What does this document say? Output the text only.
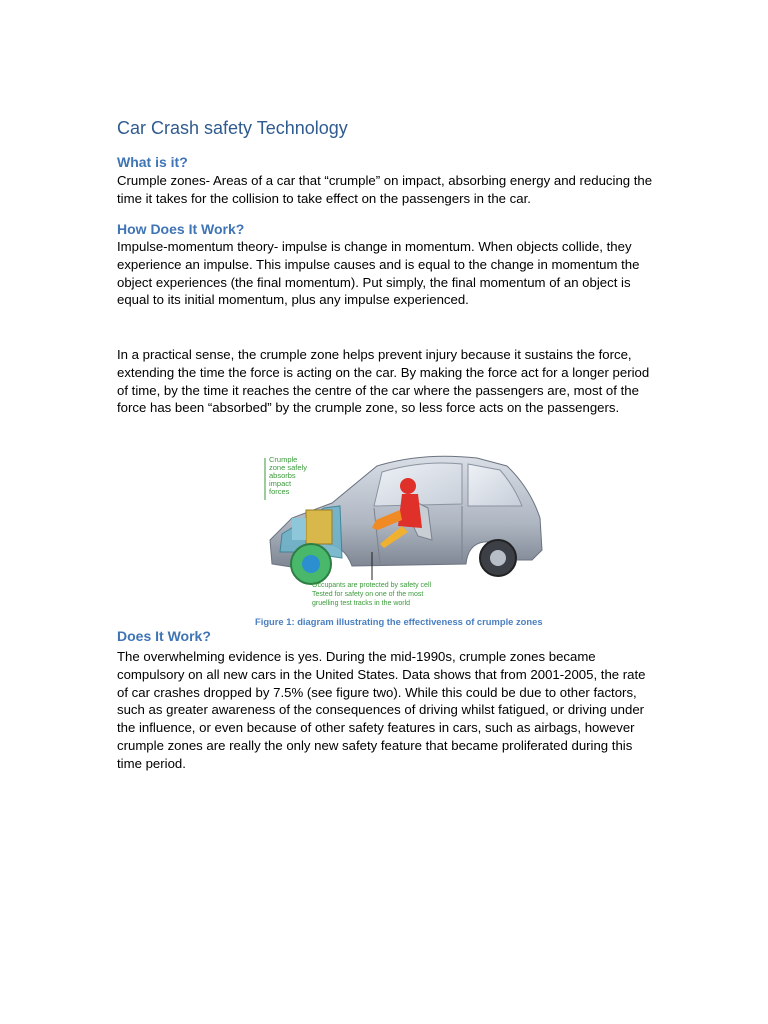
Car Crash safety Technology
What is it?

Crumple zones- Areas of a car that “crumple” on impact, absorbing energy and reducing the time it takes for the collision to take effect on the passengers in the car.

How Does It Work?

Impulse-momentum theory- impulse is change in momentum. When objects collide, they experience an impulse. This impulse causes and is equal to the change in momentum the object experiences (the final momentum). Put simply, the final momentum of an object is equal to its initial momentum, plus any impulse experienced.

In a practical sense, the crumple zone helps prevent injury because it sustains the force, extending the time the force is acting on the car. By making the force act for a longer period of time, by the time it reaches the centre of the car where the passengers are, most of the force has been “absorbed” by the crumple zone, so less force acts on the passengers.

Crumple zone safely absorbs impact forces
Occupants are protected by safety cell Tested for safety on one of the most gruelling test tracks in the world

Figure 1: diagram illustrating the effectiveness of crumple zones

Does It Work?

The overwhelming evidence is yes. During the mid-1990s, crumple zones became compulsory on all new cars in the United States. Data shows that from 2001-2005, the rate of car crashes dropped by 7.5% (see figure two). While this could be due to other factors, such as greater awareness of the consequences of driving whilst fatigued, or driving under the influence, or even because of other safety features in cars, such as airbags, however crumple zones are really the only new safety feature that became proliferated during this time period.
